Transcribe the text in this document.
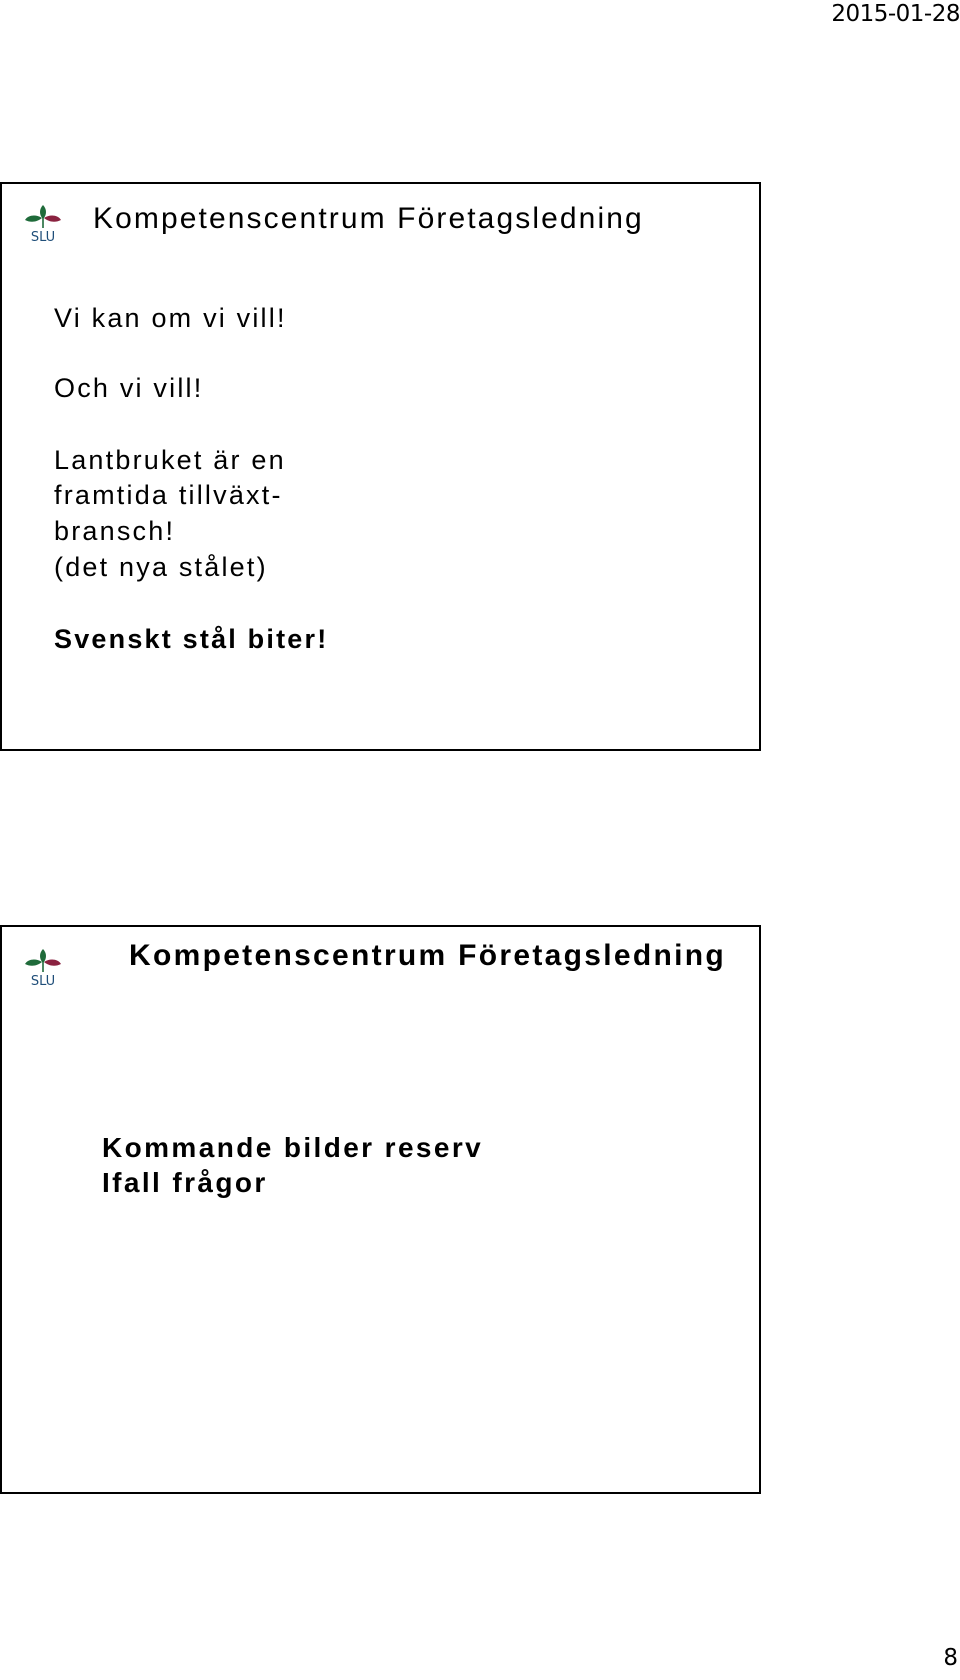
2015-01-28
SLU
Kompetenscentrum Företagsledning
Vi kan om vi vill!
Och vi vill!
Lantbruket är en
framtida tillväxt-
bransch!
(det nya stålet)
Svenskt stål biter!
SLU
Kompetenscentrum Företagsledning
Kommande bilder reserv
Ifall frågor
8
